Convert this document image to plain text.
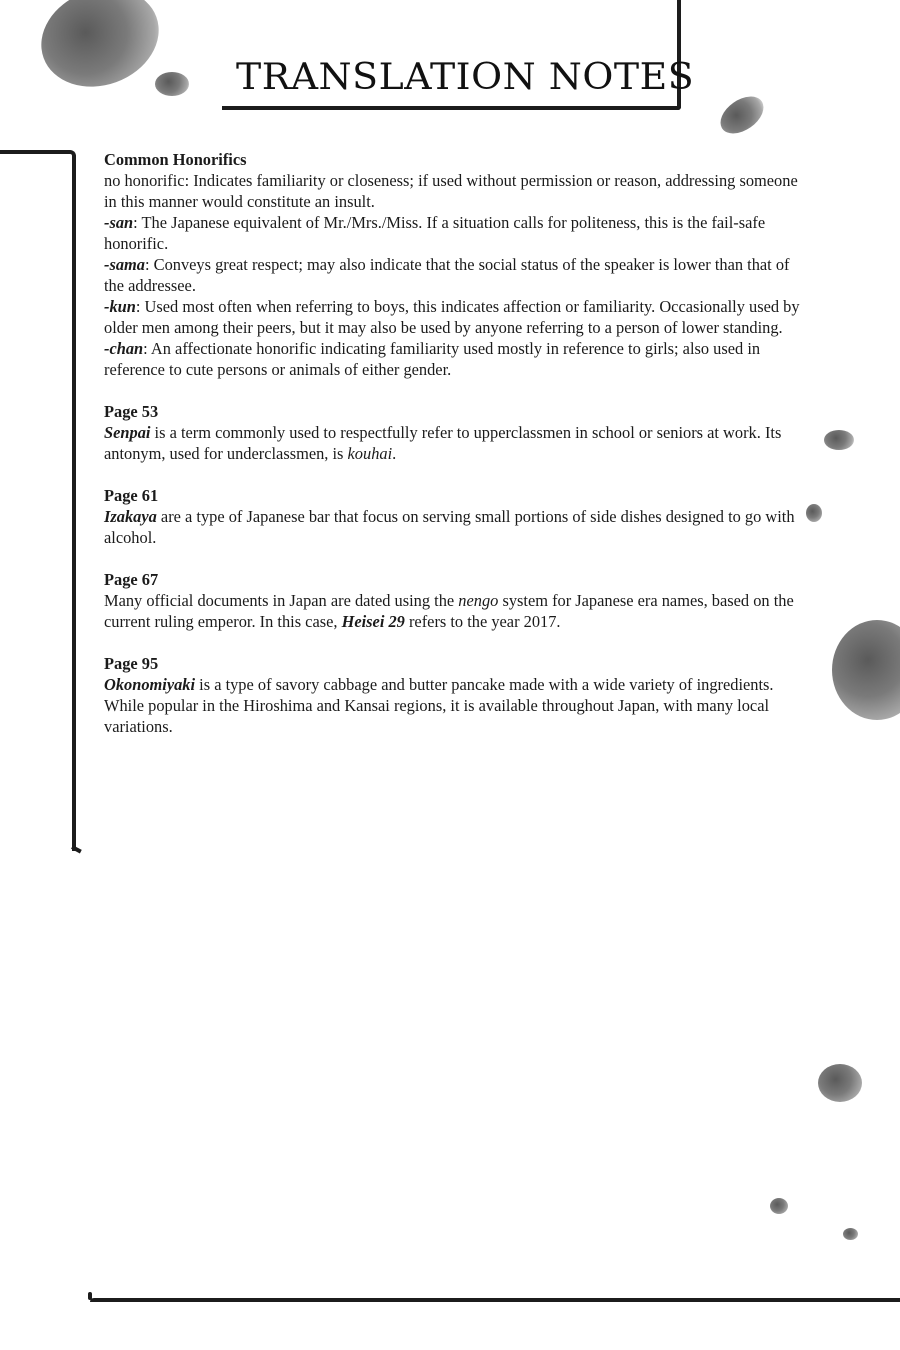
TRANSLATION NOTES

Common Honorifics

no honorific: Indicates familiarity or closeness; if used without permission or reason, addressing someone in this manner would constitute an insult.

-san: The Japanese equivalent of Mr./Mrs./Miss. If a situation calls for politeness, this is the fail-safe honorific.

-sama: Conveys great respect; may also indicate that the social status of the speaker is lower than that of the addressee.

-kun: Used most often when referring to boys, this indicates affection or familiarity. Occasionally used by older men among their peers, but it may also be used by anyone referring to a person of lower standing.

-chan: An affectionate honorific indicating familiarity used mostly in reference to girls; also used in reference to cute persons or animals of either gender.

Page 53

Senpai is a term commonly used to respectfully refer to upperclassmen in school or seniors at work. Its antonym, used for underclassmen, is kouhai.

Page 61

Izakaya are a type of Japanese bar that focus on serving small portions of side dishes designed to go with alcohol.

Page 67

Many official documents in Japan are dated using the nengo system for Japanese era names, based on the current ruling emperor. In this case, Heisei 29 refers to the year 2017.

Page 95

Okonomiyaki is a type of savory cabbage and butter pancake made with a wide variety of ingredients. While popular in the Hiroshima and Kansai regions, it is available throughout Japan, with many local variations.
